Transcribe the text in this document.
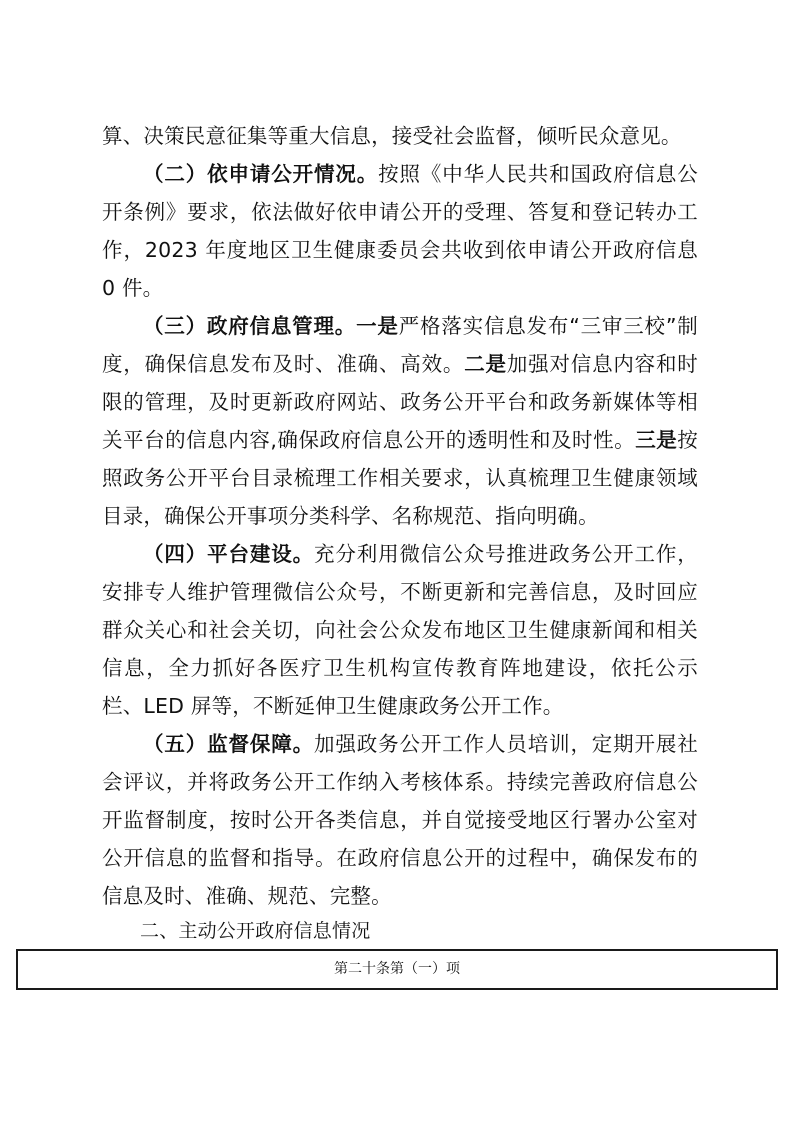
算、决策民意征集等重大信息，接受社会监督，倾听民众意见。

（二）依申请公开情况。按照《中华人民共和国政府信息公开条例》要求，依法做好依申请公开的受理、答复和登记转办工作，2023 年度地区卫生健康委员会共收到依申请公开政府信息 0 件。

（三）政府信息管理。一是严格落实信息发布“三审三校”制度，确保信息发布及时、准确、高效。二是加强对信息内容和时限的管理，及时更新政府网站、政务公开平台和政务新媒体等相关平台的信息内容,确保政府信息公开的透明性和及时性。三是按照政务公开平台目录梳理工作相关要求，认真梳理卫生健康领域目录，确保公开事项分类科学、名称规范、指向明确。

（四）平台建设。充分利用微信公众号推进政务公开工作，安排专人维护管理微信公众号，不断更新和完善信息，及时回应群众关心和社会关切，向社会公众发布地区卫生健康新闻和相关信息，全力抓好各医疗卫生机构宣传教育阵地建设，依托公示栏、LED 屏等，不断延伸卫生健康政务公开工作。

（五）监督保障。加强政务公开工作人员培训，定期开展社会评议，并将政务公开工作纳入考核体系。持续完善政府信息公开监督制度，按时公开各类信息，并自觉接受地区行署办公室对公开信息的监督和指导。在政府信息公开的过程中，确保发布的信息及时、准确、规范、完整。

二、主动公开政府信息情况

第二十条第（一）项
